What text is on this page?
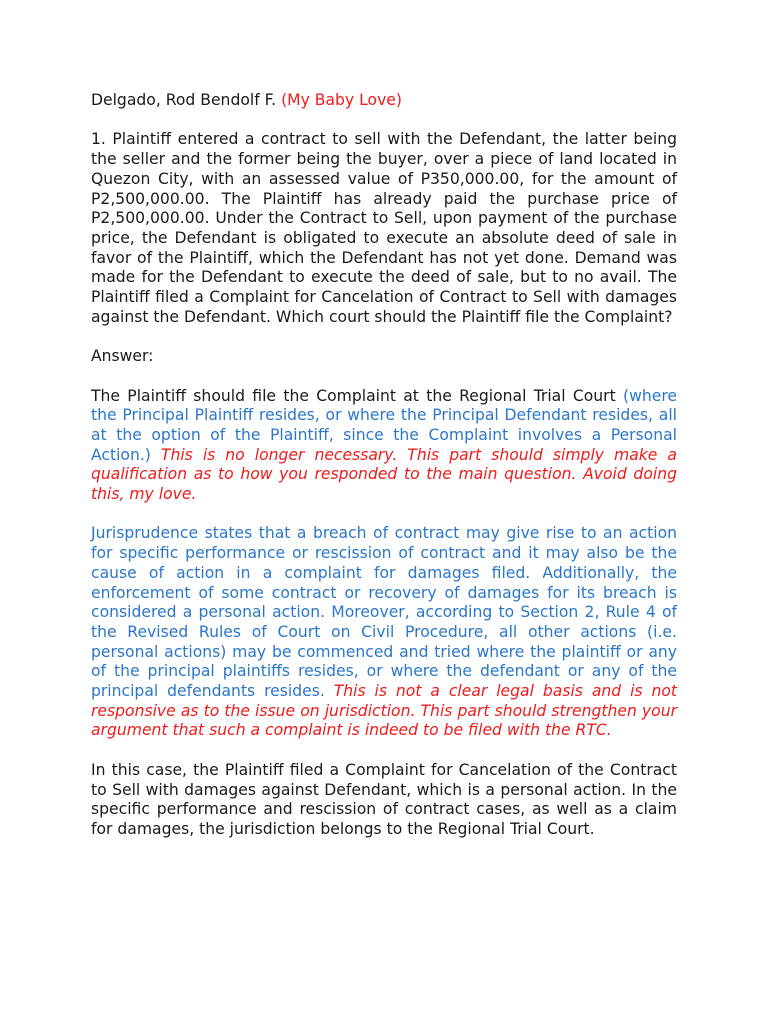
Delgado, Rod Bendolf F. (My Baby Love)

1. Plaintiff entered a contract to sell with the Defendant, the latter being the seller and the former being the buyer, over a piece of land located in Quezon City, with an assessed value of P350,000.00, for the amount of P2,500,000.00. The Plaintiff has already paid the purchase price of P2,500,000.00. Under the Contract to Sell, upon payment of the purchase price, the Defendant is obligated to execute an absolute deed of sale in favor of the Plaintiff, which the Defendant has not yet done. Demand was made for the Defendant to execute the deed of sale, but to no avail. The Plaintiff filed a Complaint for Cancelation of Contract to Sell with damages against the Defendant. Which court should the Plaintiff file the Complaint?

Answer:

The Plaintiff should file the Complaint at the Regional Trial Court (where the Principal Plaintiff resides, or where the Principal Defendant resides, all at the option of the Plaintiff, since the Complaint involves a Personal Action.) This is no longer necessary. This part should simply make a qualification as to how you responded to the main question. Avoid doing this, my love.

Jurisprudence states that a breach of contract may give rise to an action for specific performance or rescission of contract and it may also be the cause of action in a complaint for damages filed. Additionally, the enforcement of some contract or recovery of damages for its breach is considered a personal action. Moreover, according to Section 2, Rule 4 of the Revised Rules of Court on Civil Procedure, all other actions (i.e. personal actions) may be commenced and tried where the plaintiff or any of the principal plaintiffs resides, or where the defendant or any of the principal defendants resides. This is not a clear legal basis and is not responsive as to the issue on jurisdiction. This part should strengthen your argument that such a complaint is indeed to be filed with the RTC.

In this case, the Plaintiff filed a Complaint for Cancelation of the Contract to Sell with damages against Defendant, which is a personal action. In the specific performance and rescission of contract cases, as well as a claim for damages, the jurisdiction belongs to the Regional Trial Court.
